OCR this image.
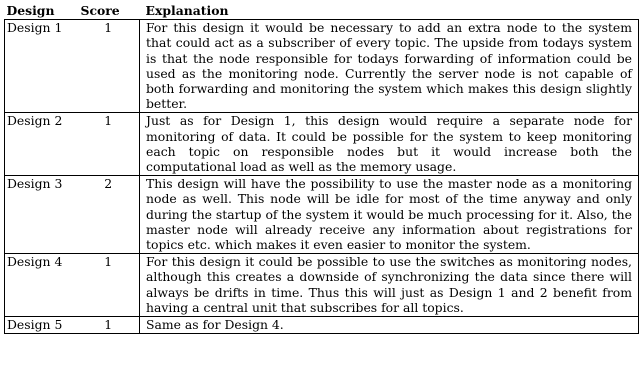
Design	Score	Explanation
Design 1	1	For this design it would be necessary to add an extra node to the system that could act as a subscriber of every topic. The upside from todays system is that the node responsible for todays forwarding of information could be used as the monitoring node. Currently the server node is not capable of both forwarding and monitoring the system which makes this design slightly better.
Design 2	1	Just as for Design 1, this design would require a separate node for monitoring of data. It could be possible for the system to keep monitoring each topic on responsible nodes but it would increase both the computational load as well as the memory usage.
Design 3	2	This design will have the possibility to use the master node as a monitoring node as well. This node will be idle for most of the time anyway and only during the startup of the system it would be much processing for it. Also, the master node will already receive any information about registrations for topics etc. which makes it even easier to monitor the system.
Design 4	1	For this design it could be possible to use the switches as monitoring nodes, although this creates a downside of synchronizing the data since there will always be drifts in time. Thus this will just as Design 1 and 2 benefit from having a central unit that subscribes for all topics.
Design 5	1	Same as for Design 4.
